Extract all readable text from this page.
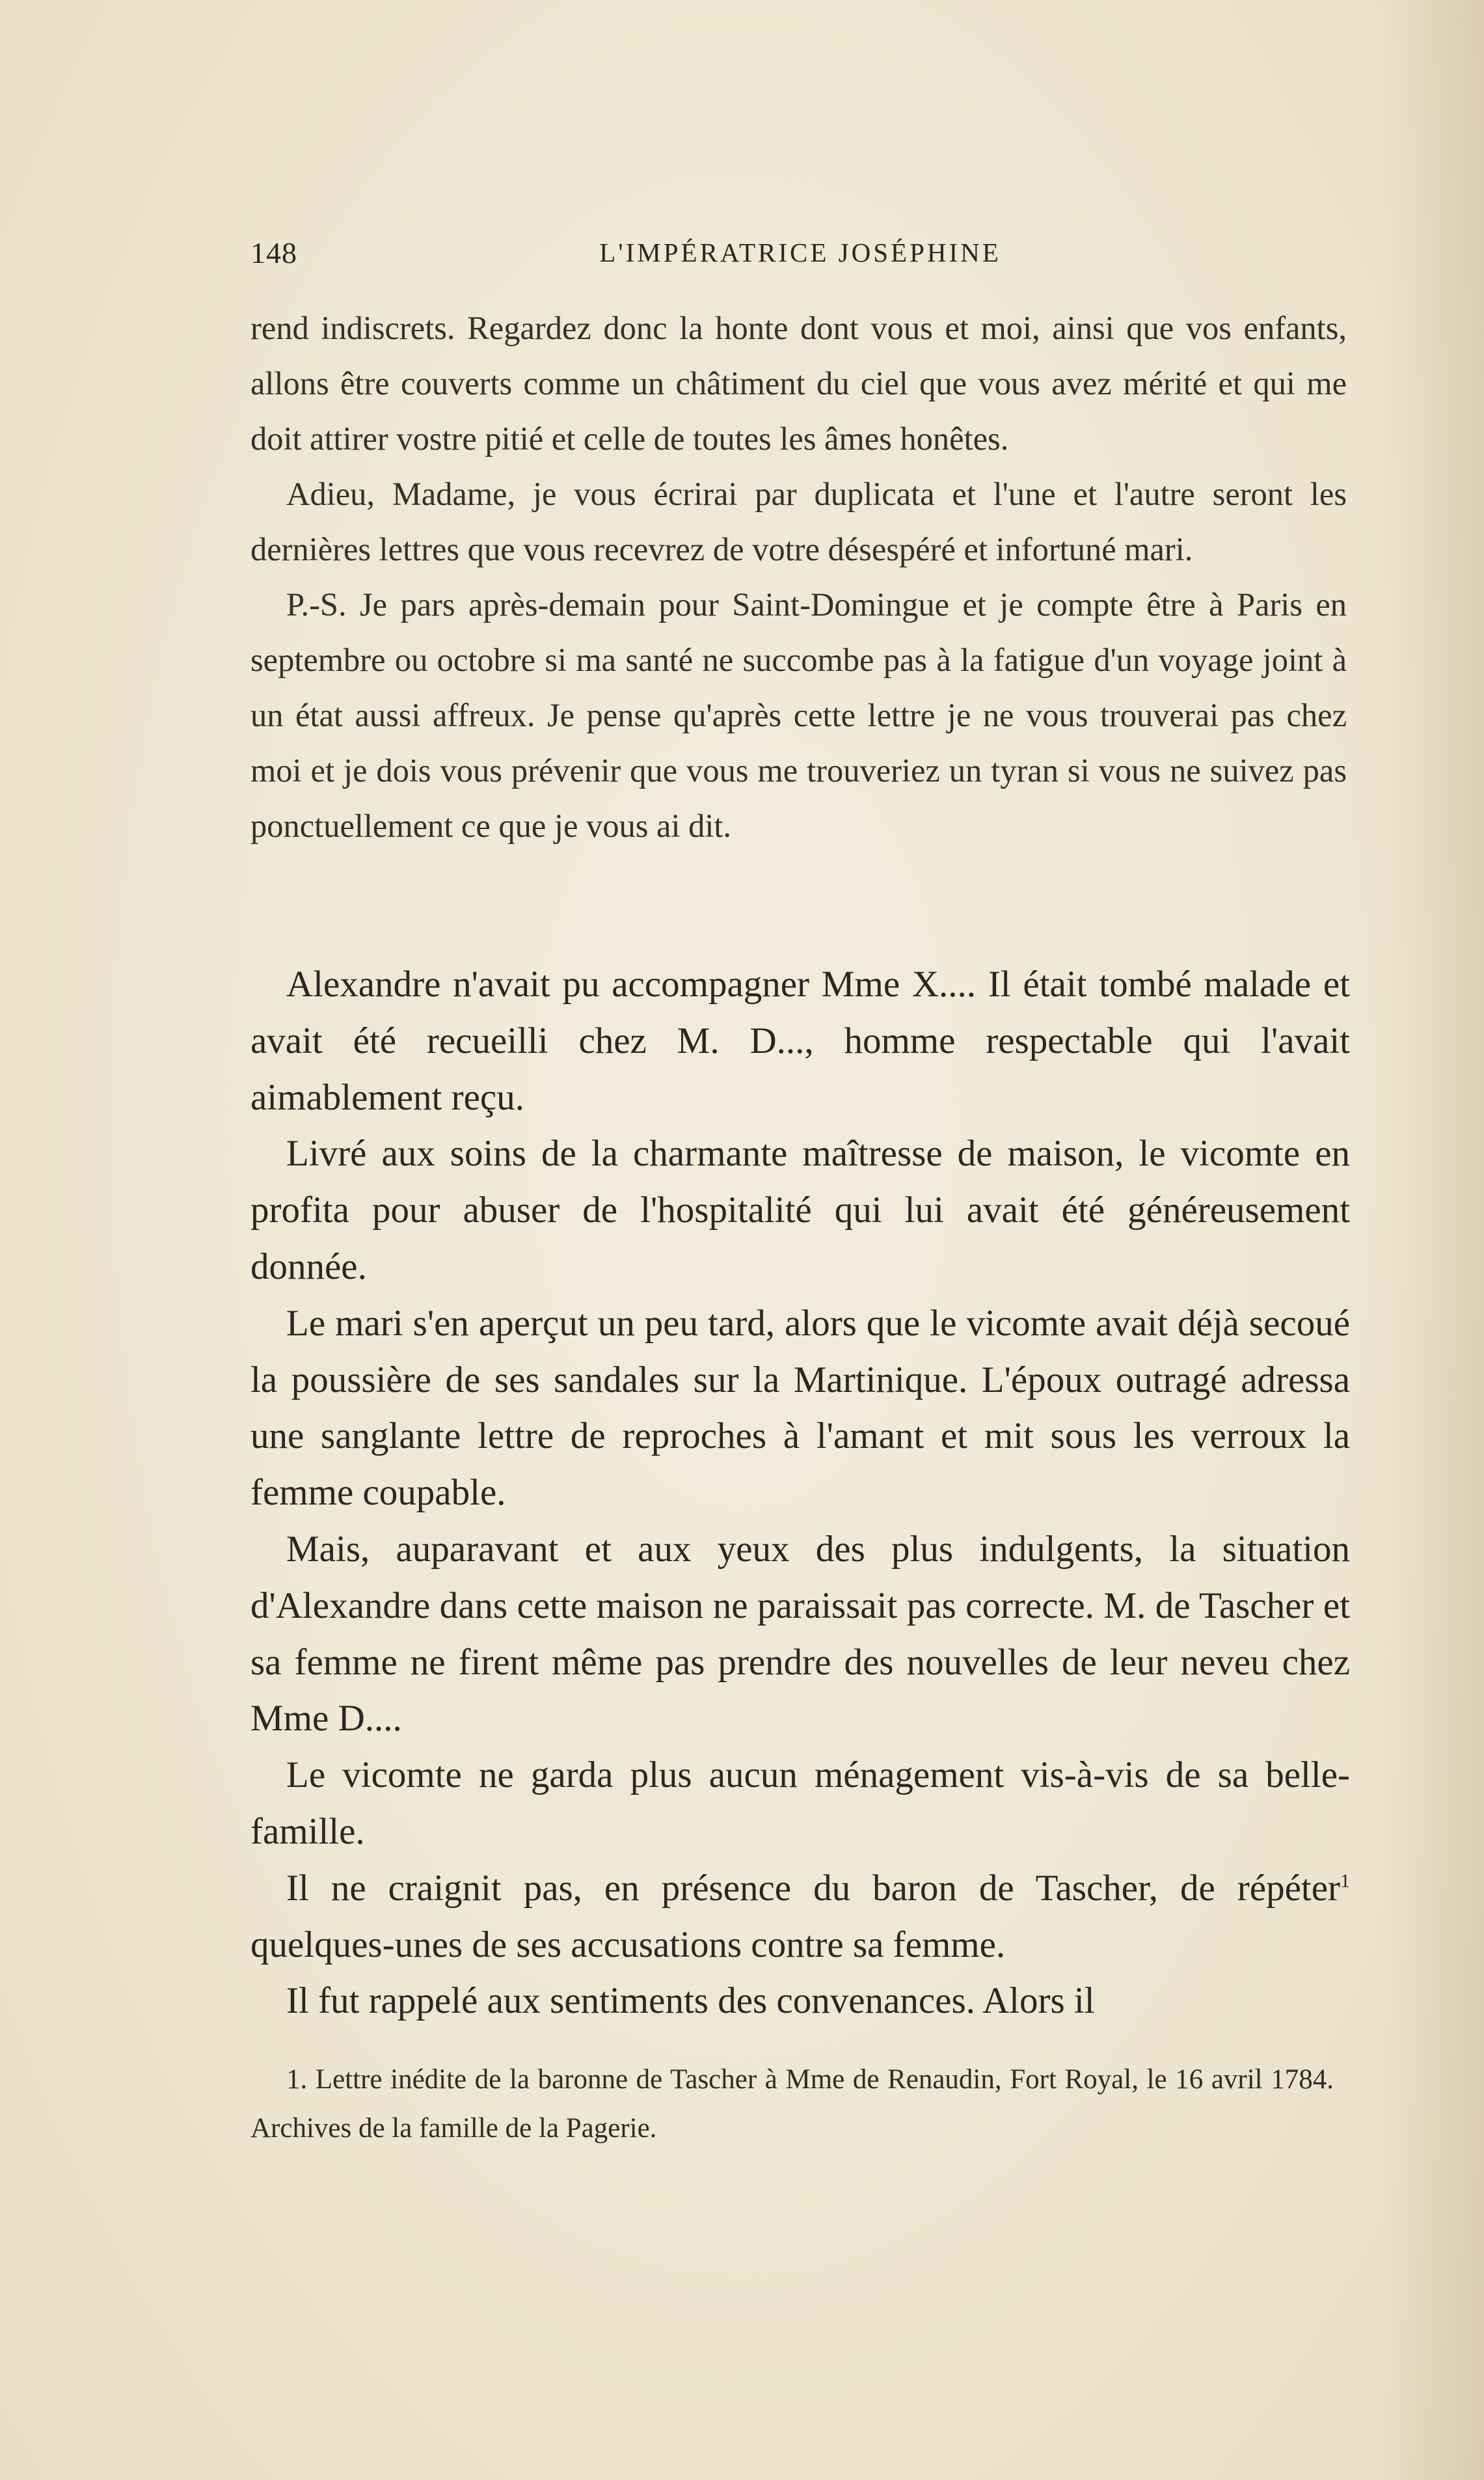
148	L'IMPÉRATRICE JOSÉPHINE

rend indiscrets. Regardez donc la honte dont vous et moi, ainsi que vos enfants, allons être couverts comme un châtiment du ciel que vous avez mérité et qui me doit attirer vostre pitié et celle de toutes les âmes honêtes.

Adieu, Madame, je vous écrirai par duplicata et l'une et l'autre seront les dernières lettres que vous recevrez de votre désespéré et infortuné mari.

P.-S. Je pars après-demain pour Saint-Domingue et je compte être à Paris en septembre ou octobre si ma santé ne succombe pas à la fatigue d'un voyage joint à un état aussi affreux. Je pense qu'après cette lettre je ne vous trouverai pas chez moi et je dois vous prévenir que vous me trouveriez un tyran si vous ne suivez pas ponctuellement ce que je vous ai dit.

Alexandre n'avait pu accompagner Mme X.... Il était tombé malade et avait été recueilli chez M. D..., homme respectable qui l'avait aimablement reçu.

Livré aux soins de la charmante maîtresse de maison, le vicomte en profita pour abuser de l'hospitalité qui lui avait été généreusement donnée.

Le mari s'en aperçut un peu tard, alors que le vicomte avait déjà secoué la poussière de ses sandales sur la Martinique. L'époux outragé adressa une sanglante lettre de reproches à l'amant et mit sous les verroux la femme coupable.

Mais, auparavant et aux yeux des plus indulgents, la situation d'Alexandre dans cette maison ne paraissait pas correcte. M. de Tascher et sa femme ne firent même pas prendre des nouvelles de leur neveu chez Mme D....

Le vicomte ne garda plus aucun ménagement vis-à-vis de sa belle-famille.

Il ne craignit pas, en présence du baron de Tascher, de répéter$^1$ quelques-unes de ses accusations contre sa femme.

Il fut rappelé aux sentiments des convenances. Alors il

1. Lettre inédite de la baronne de Tascher à Mme de Renaudin, Fort Royal, le 16 avril 1784. Archives de la famille de la Pagerie.
